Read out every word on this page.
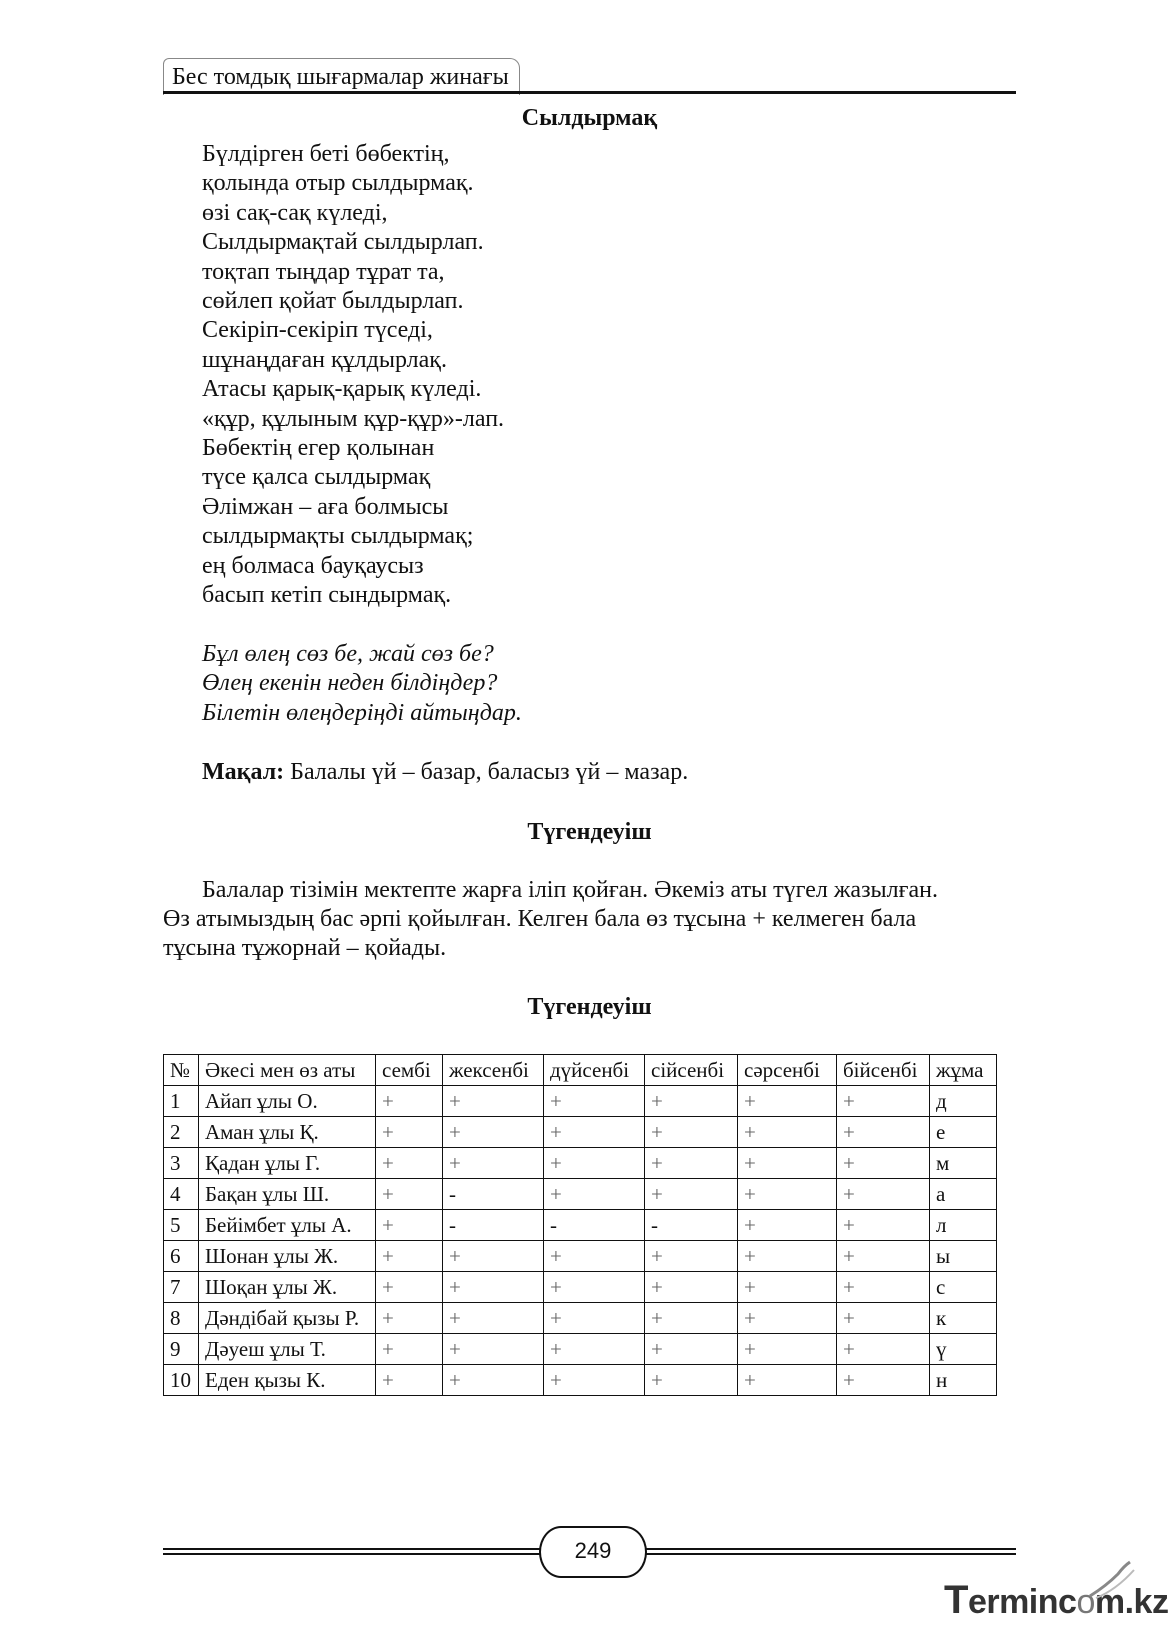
Бес томдық шығармалар жинағы
Сылдырмақ
Бүлдірген беті бөбектің,
қолында отыр сылдырмақ.
өзі сақ-сақ күледі,
Сылдырмақтай сылдырлап.
тоқтап тыңдар тұрат та,
сөйлеп қойат былдырлап.
Секіріп-секіріп түседі,
шұнаңдаған құлдырлақ.
Атасы қарық-қарық күледі.
«құр, құлыным құр-құр»-лап.
Бөбектің егер қолынан
түсе қалса сылдырмақ
Әлімжан – аға болмысы
сылдырмақты сылдырмақ;
ең болмаса бауқаусыз
басып кетіп сындырмақ.
Бұл өлең сөз бе, жай сөз бе?
Өлең екенін неден білдіңдер?
Білетін өлеңдеріңді айтыңдар.
Мақал: Балалы үй – базар, баласыз үй – мазар.
Түгендеуіш
Балалар тізімін мектепте жарға іліп қойған. Әкеміз аты түгел жазылған.
Өз атымыздың бас әрпі қойылған. Келген бала өз тұсына + келмеген бала
тұсына тұжорнай – қойады.
Түгендеуіш
№	Әкесі мен өз аты	сембі	жексенбі	дүйсенбі	сійсенбі	сәрсенбі	бійсенбі	жұма
1	Айап ұлы О.	+	+	+	+	+	+	д
2	Аман ұлы Қ.	+	+	+	+	+	+	е
3	Қадан ұлы Г.	+	+	+	+	+	+	м
4	Бақан ұлы Ш.	+	-	+	+	+	+	а
5	Бейімбет ұлы А.	+	-	-	-	+	+	л
6	Шонан ұлы Ж.	+	+	+	+	+	+	ы
7	Шоқан ұлы Ж.	+	+	+	+	+	+	с
8	Дәндібай қызы Р.	+	+	+	+	+	+	к
9	Дәуеш ұлы Т.	+	+	+	+	+	+	ү
10	Еден қызы К.	+	+	+	+	+	+	н
249
Termincom.kz
